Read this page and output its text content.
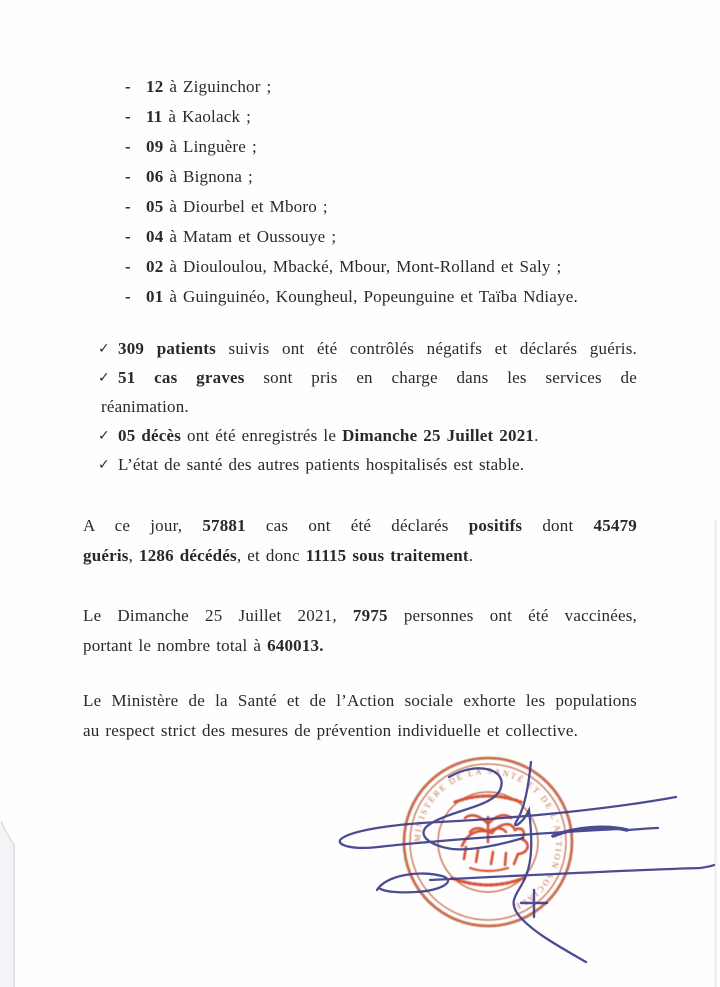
- 12 à Ziguinchor ;
- 11 à Kaolack ;
- 09 à Linguère ;
- 06 à Bignona ;
- 05 à Diourbel et Mboro ;
- 04 à Matam et Oussouye ;
- 02 à Diouloulou, Mbacké, Mbour, Mont-Rolland et Saly ;
- 01 à Guinguinéo, Koungheul, Popeunguine et Taïba Ndiaye.
✓ 309 patients suivis ont été contrôlés négatifs et déclarés guéris.
✓ 51 cas graves sont pris en charge dans les services de
réanimation.
✓ 05 décès ont été enregistrés le Dimanche 25 Juillet 2021.
✓ L’état de santé des autres patients hospitalisés est stable.
A ce jour, 57881 cas ont été déclarés positifs dont 45479
guéris, 1286 décédés, et donc 11115 sous traitement.
Le Dimanche 25 Juillet 2021, 7975 personnes ont été vaccinées,
portant le nombre total à 640013.
Le Ministère de la Santé et de l’Action sociale exhorte les populations
au respect strict des mesures de prévention individuelle et collective.
MINISTÈRE DE LA SANTÉ ET DE L’ACTION SOCIALE
